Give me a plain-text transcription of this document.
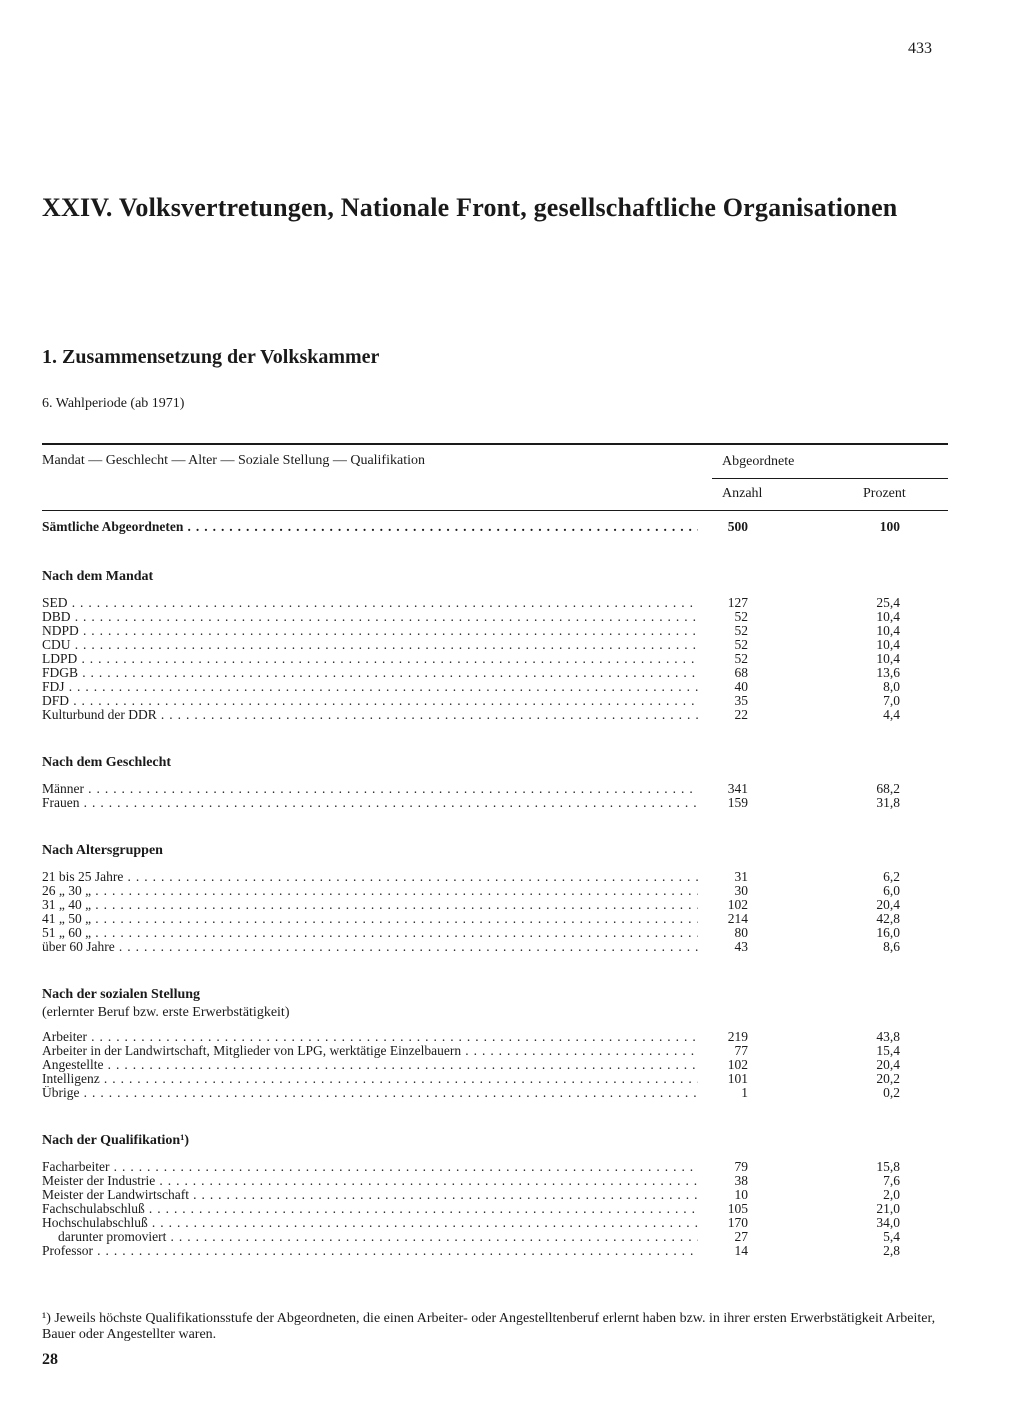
433
XXIV. Volksvertretungen, Nationale Front, gesellschaftliche Organisationen
1. Zusammensetzung der Volkskammer
6. Wahlperiode (ab 1971)
Mandat — Geschlecht — Alter — Soziale Stellung — Qualifikation	Abgeordnete
Anzahl	Prozent
Sämtliche Abgeordneten . . .	500	100
Nach dem Mandat
SED . . .	127	25,4
DBD . . .	52	10,4
NDPD . . .	52	10,4
CDU . . .	52	10,4
LDPD . . .	52	10,4
FDGB . . .	68	13,6
FDJ . . .	40	8,0
DFD . . .	35	7,0
Kulturbund der DDR . . .	22	4,4
Nach dem Geschlecht
Männer . . .	341	68,2
Frauen . . .	159	31,8
Nach Altersgruppen
21 bis 25 Jahre . . .	31	6,2
26 „ 30 „ . . .	30	6,0
31 „ 40 „ . . .	102	20,4
41 „ 50 „ . . .	214	42,8
51 „ 60 „ . . .	80	16,0
über 60 Jahre . . .	43	8,6
Nach der sozialen Stellung
(erlernter Beruf bzw. erste Erwerbstätigkeit)
Arbeiter . . .	219	43,8
Arbeiter in der Landwirtschaft, Mitglieder von LPG, werktätige Einzelbauern . . .	77	15,4
Angestellte . . .	102	20,4
Intelligenz . . .	101	20,2
Übrige . . .	1	0,2
Nach der Qualifikation¹)
Facharbeiter . . .	79	15,8
Meister der Industrie . . .	38	7,6
Meister der Landwirtschaft . . .	10	2,0
Fachschulabschluß . . .	105	21,0
Hochschulabschluß . . .	170	34,0
darunter promoviert . . .	27	5,4
Professor . . .	14	2,8
¹) Jeweils höchste Qualifikationsstufe der Abgeordneten, die einen Arbeiter- oder Angestelltenberuf erlernt haben bzw. in ihrer ersten Erwerbstätigkeit Arbeiter, Bauer oder Angestellter waren.
28
